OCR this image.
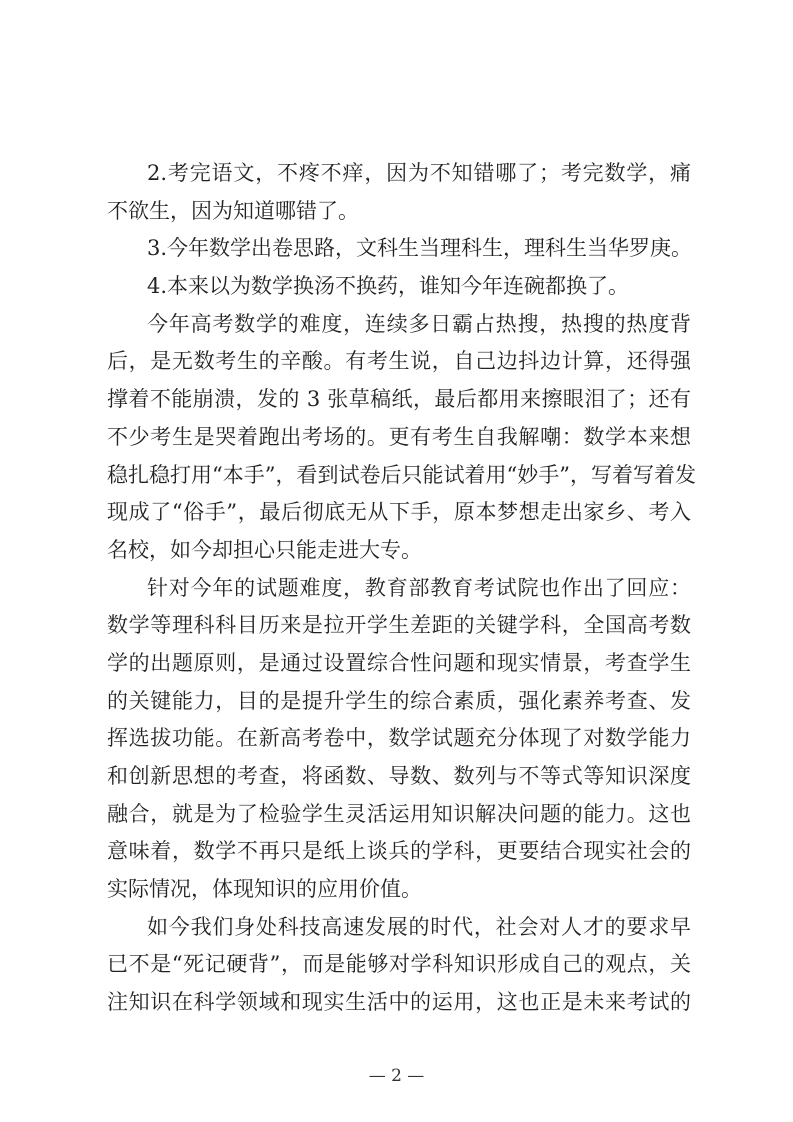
2.考完语文，不疼不痒，因为不知错哪了；考完数学，痛
不欲生，因为知道哪错了。
3.今年数学出卷思路，文科生当理科生，理科生当华罗庚。
4.本来以为数学换汤不换药，谁知今年连碗都换了。
今年高考数学的难度，连续多日霸占热搜，热搜的热度背
后，是无数考生的辛酸。有考生说，自己边抖边计算，还得强
撑着不能崩溃，发的 3 张草稿纸，最后都用来擦眼泪了；还有
不少考生是哭着跑出考场的。更有考生自我解嘲：数学本来想
稳扎稳打用“本手”，看到试卷后只能试着用“妙手”，写着写着发
现成了“俗手”，最后彻底无从下手，原本梦想走出家乡、考入
名校，如今却担心只能走进大专。
针对今年的试题难度，教育部教育考试院也作出了回应：
数学等理科科目历来是拉开学生差距的关键学科，全国高考数
学的出题原则，是通过设置综合性问题和现实情景，考查学生
的关键能力，目的是提升学生的综合素质，强化素养考查、发
挥选拔功能。在新高考卷中，数学试题充分体现了对数学能力
和创新思想的考查，将函数、导数、数列与不等式等知识深度
融合，就是为了检验学生灵活运用知识解决问题的能力。这也
意味着，数学不再只是纸上谈兵的学科，更要结合现实社会的
实际情况，体现知识的应用价值。
如今我们身处科技高速发展的时代，社会对人才的要求早
已不是“死记硬背”，而是能够对学科知识形成自己的观点，关
注知识在科学领域和现实生活中的运用，这也正是未来考试的
— 2 —
